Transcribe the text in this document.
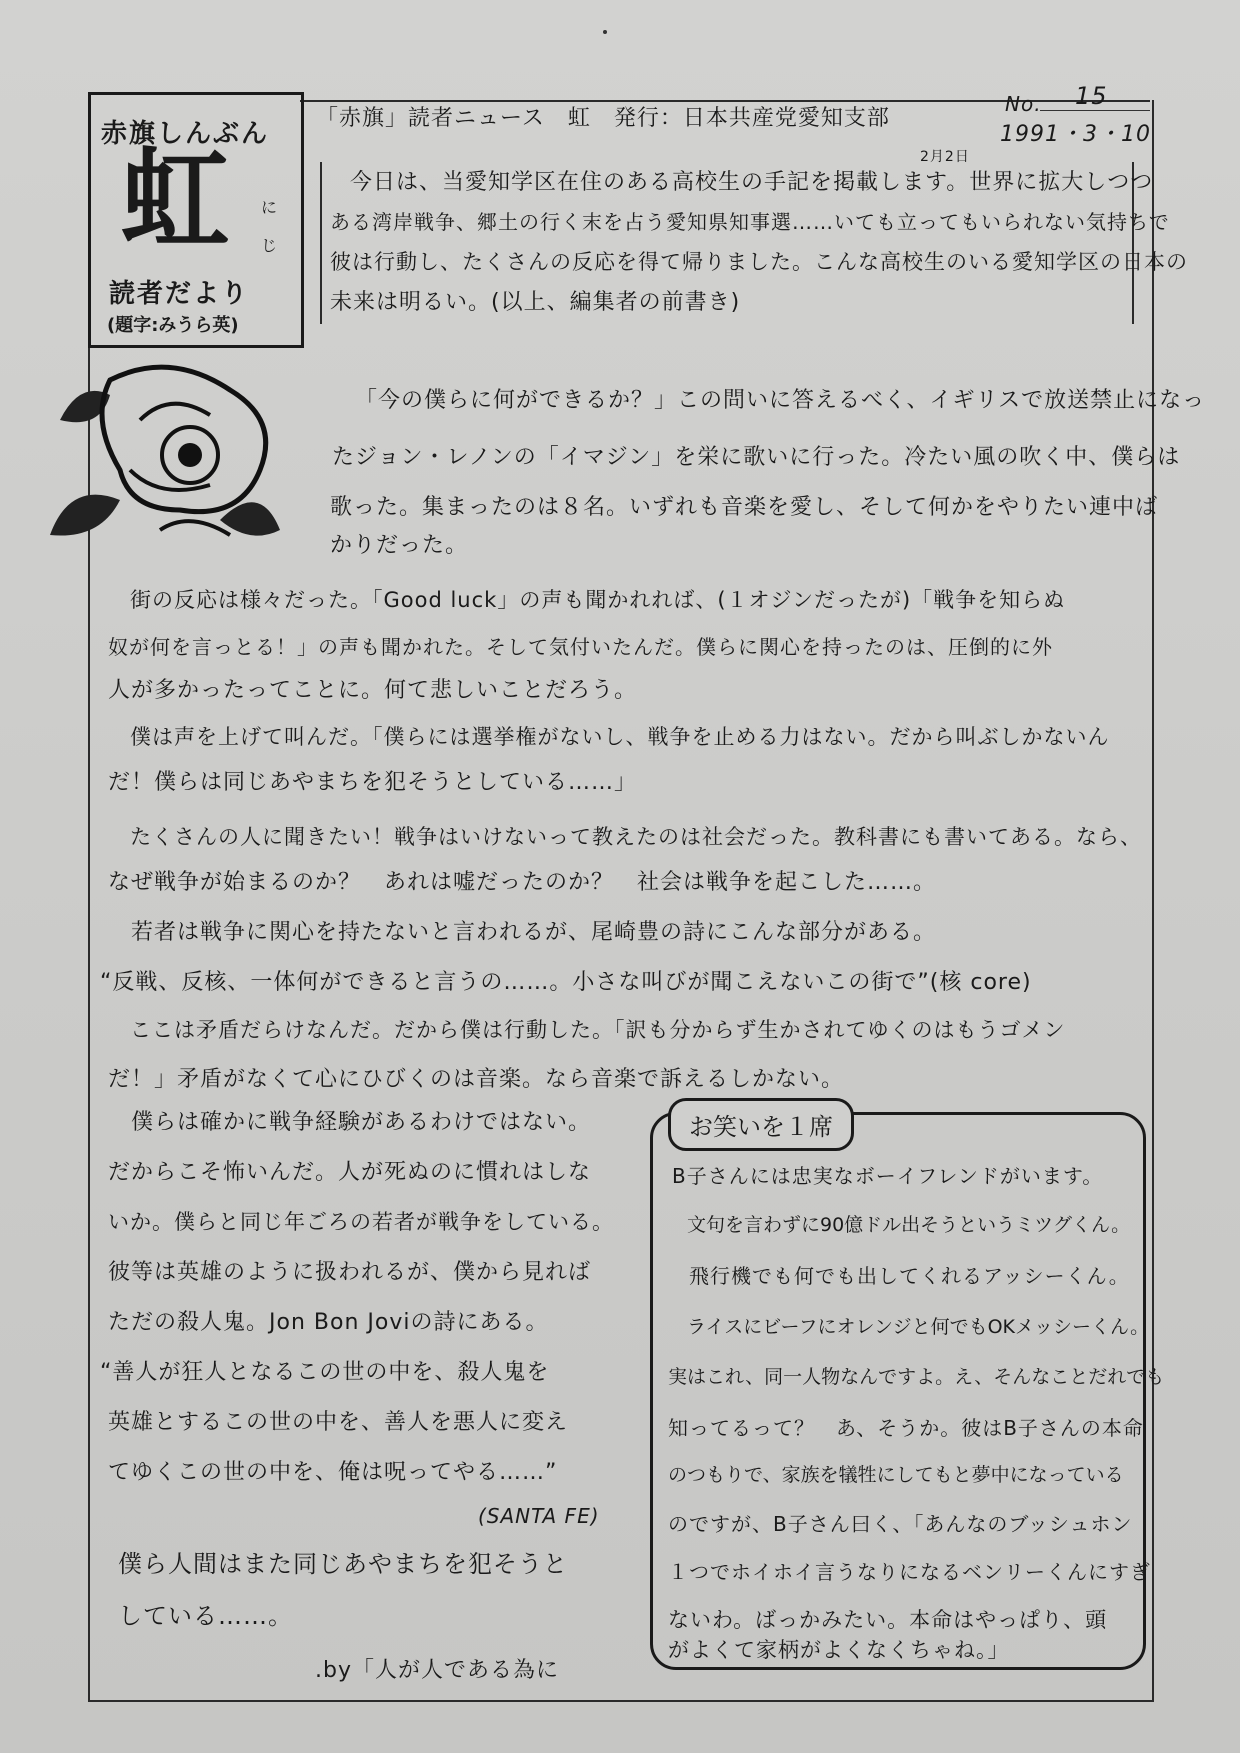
赤旗しんぶん
虹 に
じ
読者だより
(題字:みうら英)
「赤旗」読者ニュース　虹　発行：日本共産党愛知支部
No. 15
1991・3・10
2月2日
今日は、当愛知学区在住のある高校生の手記を掲載します。世界に拡大しつつ
ある湾岸戦争、郷土の行く末を占う愛知県知事選……いても立ってもいられない気持ちで
彼は行動し、たくさんの反応を得て帰りました。こんな高校生のいる愛知学区の日本の
未来は明るい。(以上、編集者の前書き)
「今の僕らに何ができるか？」この問いに答えるべく、イギリスで放送禁止になっ
たジョン・レノンの「イマジン」を栄に歌いに行った。冷たい風の吹く中、僕らは
歌った。集まったのは８名。いずれも音楽を愛し、そして何かをやりたい連中ば
かりだった。
　街の反応は様々だった。「Good luck」の声も聞かれれば、(１オジンだったが)「戦争を知らぬ
奴が何を言っとる！」の声も聞かれた。そして気付いたんだ。僕らに関心を持ったのは、圧倒的に外
人が多かったってことに。何て悲しいことだろう。
　僕は声を上げて叫んだ。「僕らには選挙権がないし、戦争を止める力はない。だから叫ぶしかないん
だ！僕らは同じあやまちを犯そうとしている……」
　たくさんの人に聞きたい！戦争はいけないって教えたのは社会だった。教科書にも書いてある。なら、
なぜ戦争が始まるのか？　あれは嘘だったのか？　社会は戦争を起こした……。
　若者は戦争に関心を持たないと言われるが、尾崎豊の詩にこんな部分がある。
“反戦、反核、一体何ができると言うの……。小さな叫びが聞こえないこの街で”(核 core)
　ここは矛盾だらけなんだ。だから僕は行動した。「訳も分からず生かされてゆくのはもうゴメン
だ！」矛盾がなくて心にひびくのは音楽。なら音楽で訴えるしかない。
　僕らは確かに戦争経験があるわけではない。
だからこそ怖いんだ。人が死ぬのに慣れはしな
いか。僕らと同じ年ごろの若者が戦争をしている。
彼等は英雄のように扱われるが、僕から見れば
ただの殺人鬼。Jon Bon Joviの詩にある。
“善人が狂人となるこの世の中を、殺人鬼を
英雄とするこの世の中を、善人を悪人に変え
てゆくこの世の中を、俺は呪ってやる……”
(SANTA FE)
僕ら人間はまた同じあやまちを犯そうと
している……。
.by「人が人である為に
お笑いを１席
B子さんには忠実なボーイフレンドがいます。
　文句を言わずに90億ドル出そうというミツグくん。
　飛行機でも何でも出してくれるアッシーくん。
　ライスにビーフにオレンジと何でもOKメッシーくん。
実はこれ、同一人物なんですよ。え、そんなことだれでも
知ってるって？　あ、そうか。彼はB子さんの本命
のつもりで、家族を犠牲にしてもと夢中になっている
のですが、B子さん曰く、「あんなのブッシュホン
１つでホイホイ言うなりになるベンリーくんにすぎ
ないわ。ばっかみたい。本命はやっぱり、頭
がよくて家柄がよくなくちゃね。」
